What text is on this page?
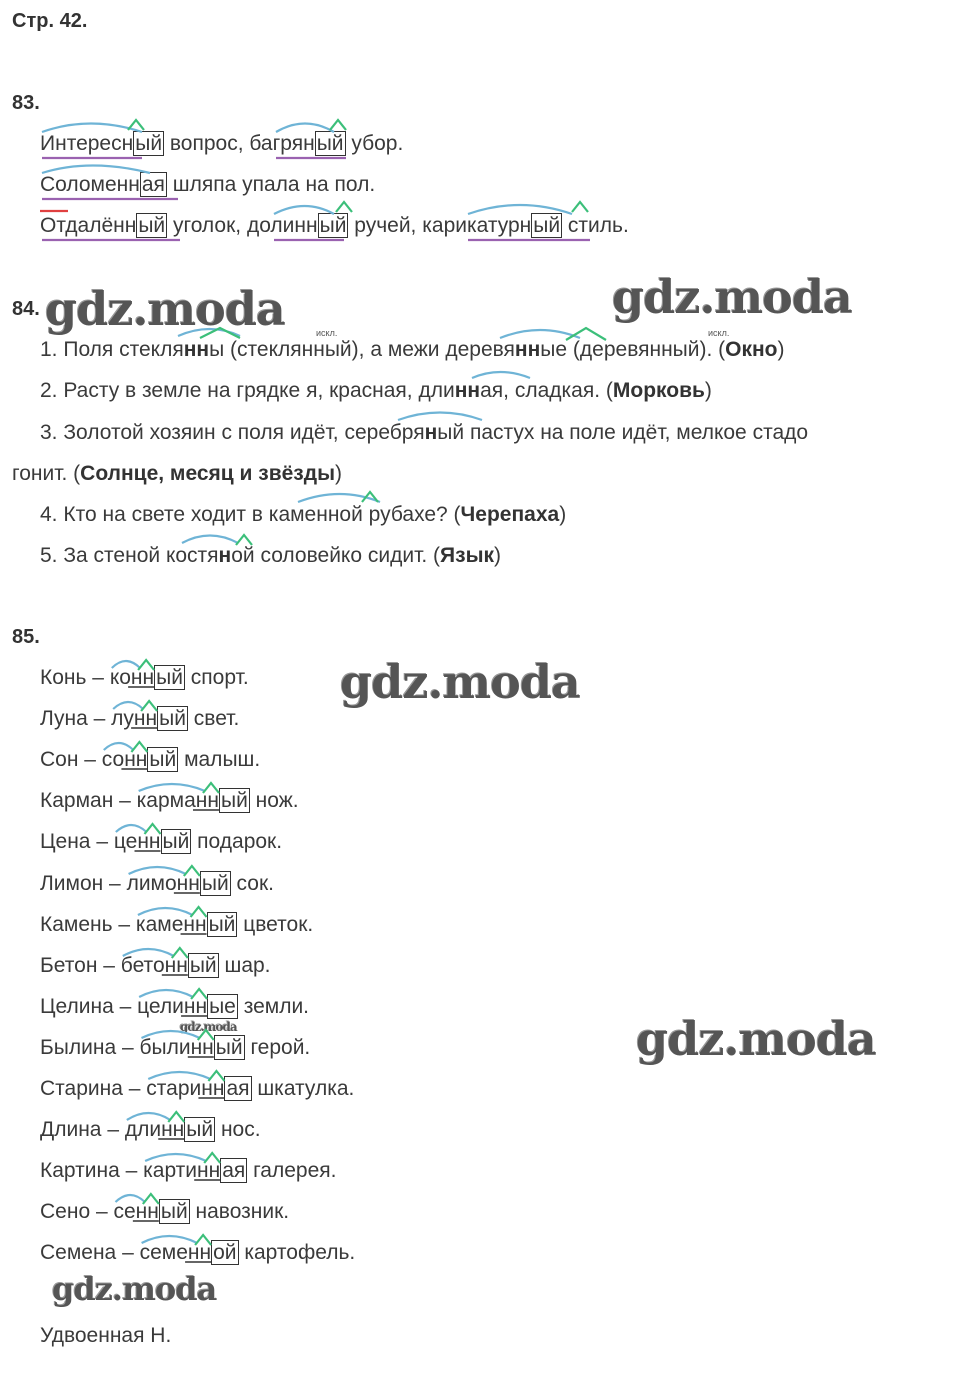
Стр. 42.
83.
Интересный вопрос, багряный убор.
Соломенная шляпа упала на пол.
Отдалённый уголок, долинный ручей, карикатурный стиль.
84.
искл.	искл.
1. Поля стеклянны (стеклянный), а межи деревянные (деревянный). (Окно)
2. Расту в земле на грядке я, красная, длинная, сладкая. (Морковь)
3. Золотой хозяин с поля идёт, серебряный пастух на поле идёт, мелкое стадо
гонит. (Солнце, месяц и звёзды)
4. Кто на свете ходит в каменной рубахе? (Черепаха)
5. За стеной костяной соловейко сидит. (Язык)
85.
Конь – конный спорт.
Луна – лунный свет.
Сон – сонный малыш.
Карман – карманный нож.
Цена – ценный подарок.
Лимон – лимонный сок.
Камень – каменный цветок.
Бетон – бетонный шар.
Целина – целинные земли.
Былина – былинный герой.
Старина – старинная шкатулка.
Длина – длинный нос.
Картина – картинная галерея.
Сено – сенный навозник.
Семена – семенной картофель.
Удвоенная Н.
gdz.moda	gdz.moda
gdz.moda
gdz.moda
gdz.moda
gdz.moda
